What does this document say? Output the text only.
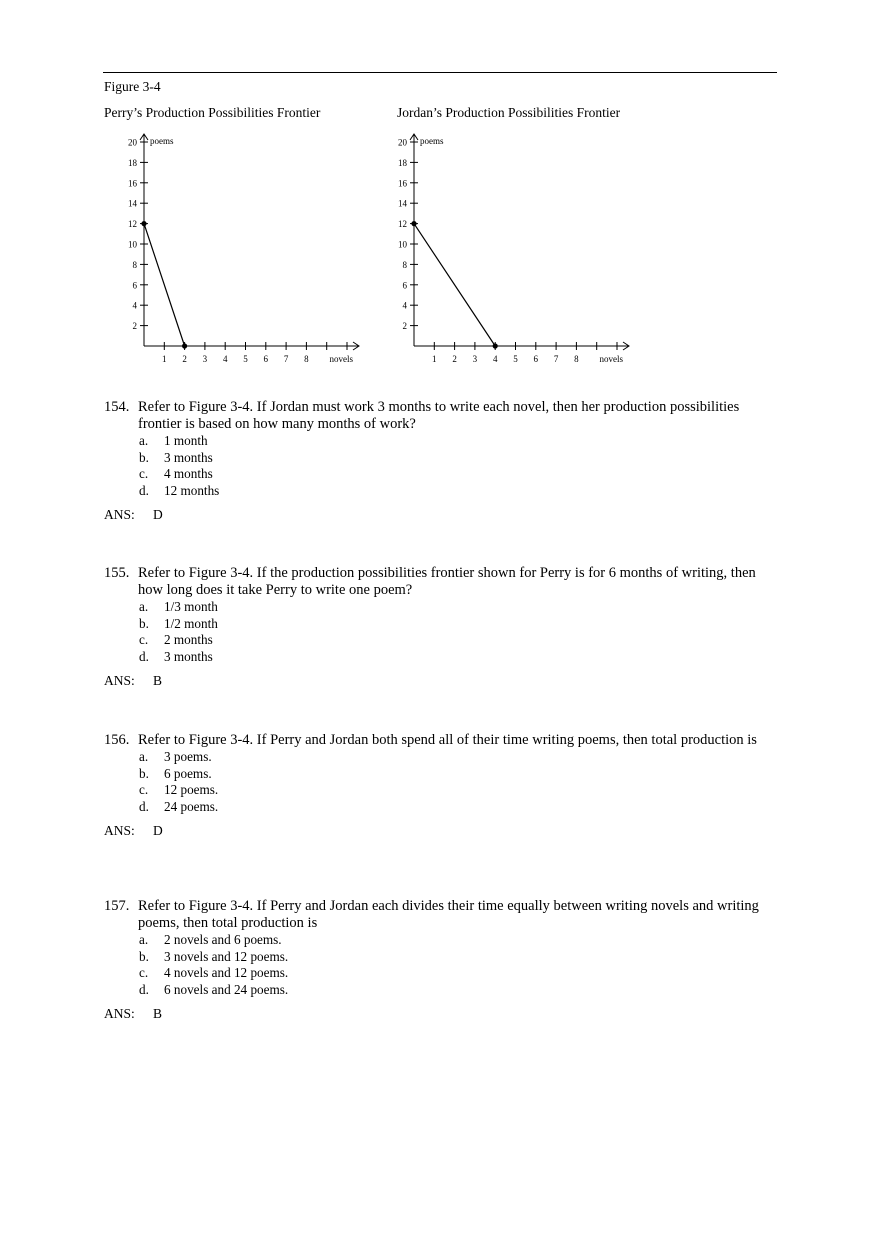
Figure 3-4
Perry’s Production Possibilities Frontier	Jordan’s Production Possibilities Frontier
1 2 3 4 5 6 7 8
2
4
6
8
10
12
14
16
18
20
novels
poems
1 2 3 4 5 6 7 8
2
4
6
8
10
12
14
16
18
20
novels
poems
154. Refer to Figure 3-4. If Jordan must work 3 months to write each novel, then her production possibilities frontier is based on how many months of work?
a. 1 month
b. 3 months
c. 4 months
d. 12 months
ANS: D
155. Refer to Figure 3-4. If the production possibilities frontier shown for Perry is for 6 months of writing, then how long does it take Perry to write one poem?
a. 1/3 month
b. 1/2 month
c. 2 months
d. 3 months
ANS: B
156. Refer to Figure 3-4. If Perry and Jordan both spend all of their time writing poems, then total production is
a. 3 poems.
b. 6 poems.
c. 12 poems.
d. 24 poems.
ANS: D
157. Refer to Figure 3-4. If Perry and Jordan each divides their time equally between writing novels and writing poems, then total production is
a. 2 novels and 6 poems.
b. 3 novels and 12 poems.
c. 4 novels and 12 poems.
d. 6 novels and 24 poems.
ANS: B
